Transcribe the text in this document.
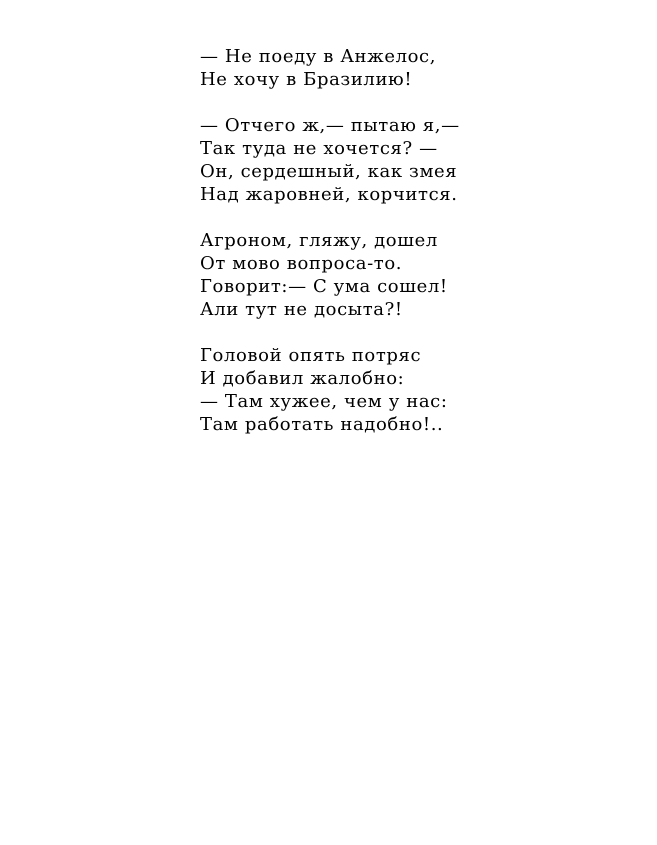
— Не поеду в Анжелос,
Не хочу в Бразилию!
— Отчего ж,— пытаю я,—
Так туда не хочется? —
Он, сердешный, как змея
Над жаровней, корчится.
Агроном, гляжу, дошел
От мово вопроса-то.
Говорит:— С ума сошел!
Али тут не досыта?!
Головой опять потряс
И добавил жалобно:
— Там хужее, чем у нас:
Там работать надобно!..
